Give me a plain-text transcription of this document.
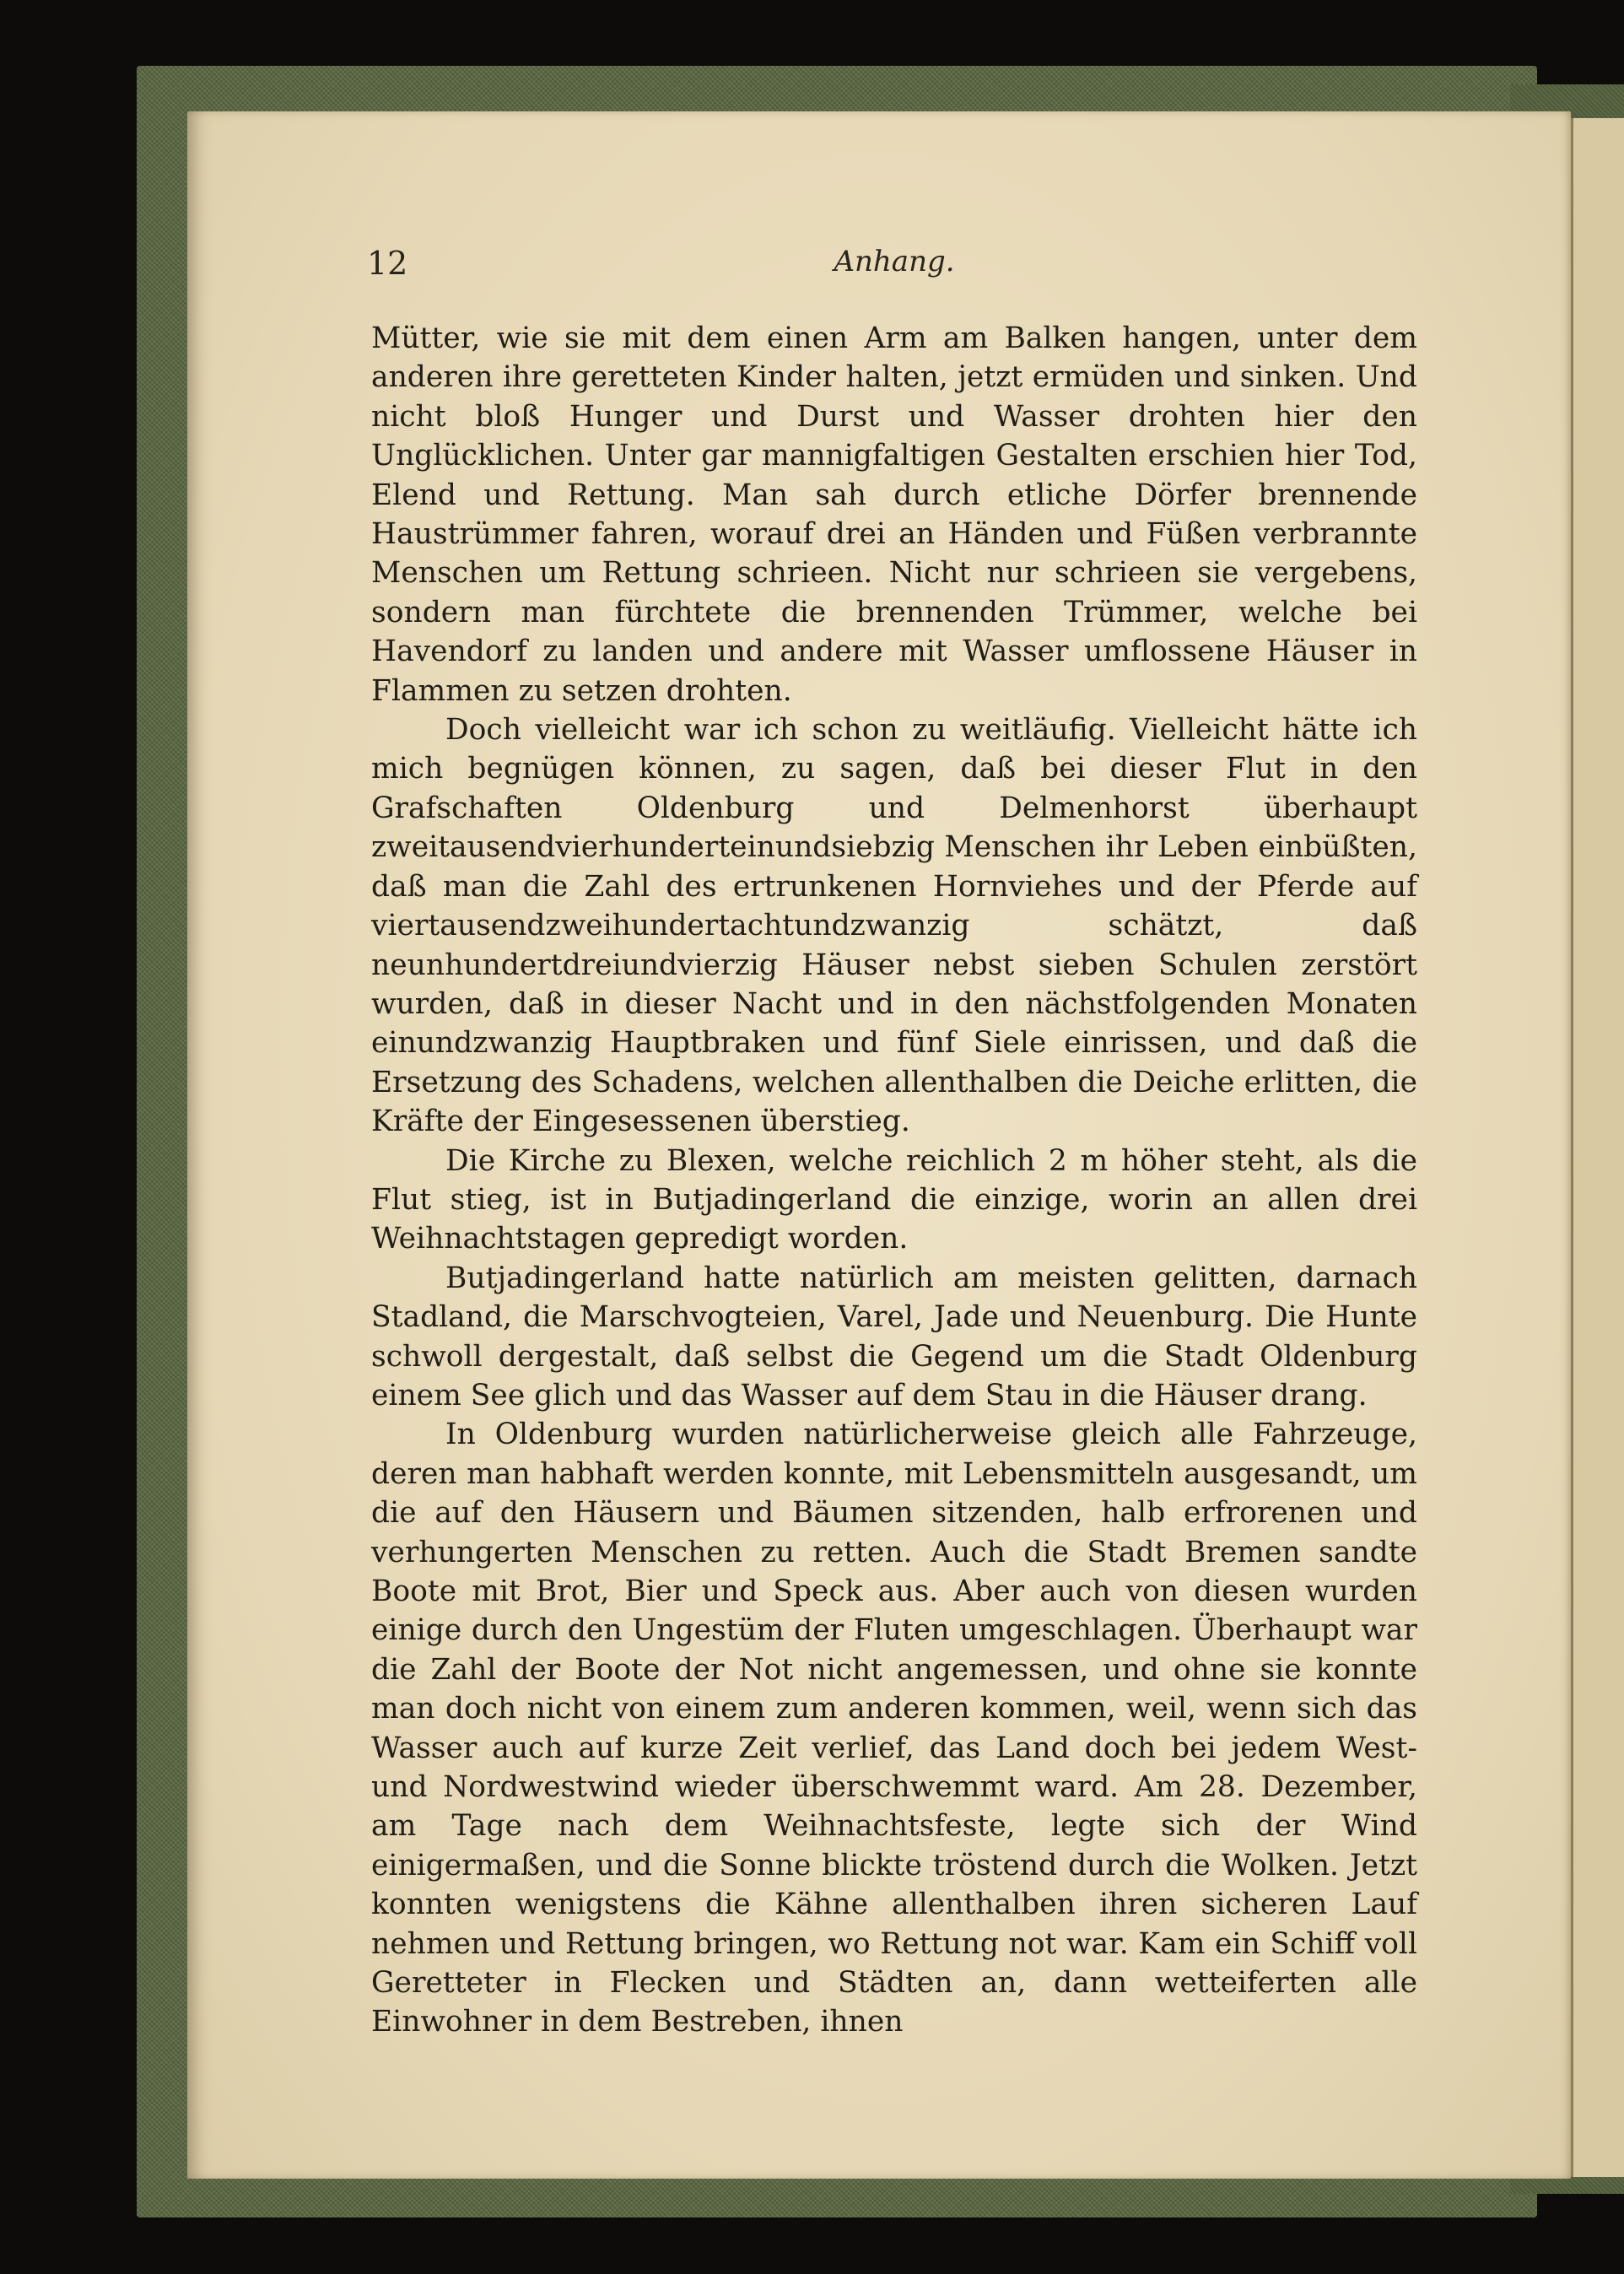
12	Anhang.

Mütter, wie sie mit dem einen Arm am Balken hangen, unter dem anderen ihre geretteten Kinder halten, jetzt ermüden und sinken. Und nicht bloß Hunger und Durst und Wasser drohten hier den Unglücklichen. Unter gar mannigfaltigen Gestalten erschien hier Tod, Elend und Rettung. Man sah durch etliche Dörfer brennende Haustrümmer fahren, worauf drei an Händen und Füßen verbrannte Menschen um Rettung schrieen. Nicht nur schrieen sie vergebens, sondern man fürchtete die brennenden Trümmer, welche bei Havendorf zu landen und andere mit Wasser umflossene Häuser in Flammen zu setzen drohten.

Doch vielleicht war ich schon zu weitläufig. Vielleicht hätte ich mich begnügen können, zu sagen, daß bei dieser Flut in den Grafschaften Oldenburg und Delmenhorst überhaupt zweitausendvierhunderteinundsiebzig Menschen ihr Leben einbüßten, daß man die Zahl des ertrunkenen Hornviehes und der Pferde auf viertausendzweihundertachtundzwanzig schätzt, daß neunhundertdreiundvierzig Häuser nebst sieben Schulen zerstört wurden, daß in dieser Nacht und in den nächstfolgenden Monaten einundzwanzig Hauptbraken und fünf Siele einrissen, und daß die Ersetzung des Schadens, welchen allenthalben die Deiche erlitten, die Kräfte der Eingesessenen überstieg.

Die Kirche zu Blexen, welche reichlich 2 m höher steht, als die Flut stieg, ist in Butjadingerland die einzige, worin an allen drei Weihnachtstagen gepredigt worden.

Butjadingerland hatte natürlich am meisten gelitten, darnach Stadland, die Marschvogteien, Varel, Jade und Neuenburg. Die Hunte schwoll dergestalt, daß selbst die Gegend um die Stadt Oldenburg einem See glich und das Wasser auf dem Stau in die Häuser drang.

In Oldenburg wurden natürlicherweise gleich alle Fahrzeuge, deren man habhaft werden konnte, mit Lebensmitteln ausgesandt, um die auf den Häusern und Bäumen sitzenden, halb erfrorenen und verhungerten Menschen zu retten. Auch die Stadt Bremen sandte Boote mit Brot, Bier und Speck aus. Aber auch von diesen wurden einige durch den Ungestüm der Fluten umgeschlagen. Überhaupt war die Zahl der Boote der Not nicht angemessen, und ohne sie konnte man doch nicht von einem zum anderen kommen, weil, wenn sich das Wasser auch auf kurze Zeit verlief, das Land doch bei jedem West- und Nordwestwind wieder überschwemmt ward. Am 28. Dezember, am Tage nach dem Weihnachtsfeste, legte sich der Wind einigermaßen, und die Sonne blickte tröstend durch die Wolken. Jetzt konnten wenigstens die Kähne allenthalben ihren sicheren Lauf nehmen und Rettung bringen, wo Rettung not war. Kam ein Schiff voll Geretteter in Flecken und Städten an, dann wetteiferten alle Einwohner in dem Bestreben, ihnen
